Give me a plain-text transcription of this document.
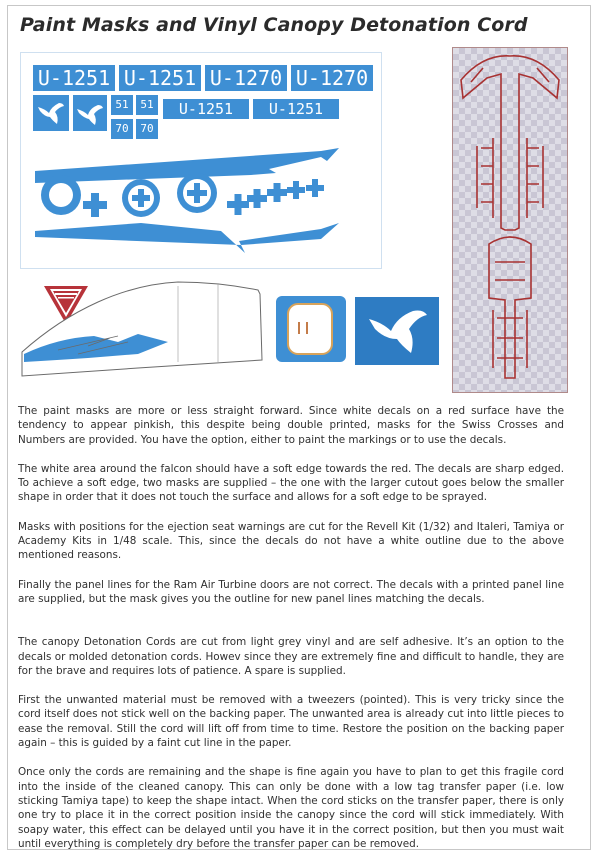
Paint Masks and Vinyl Canopy Detonation Cord
U-1251 U-1251 U-1270 U-1270
51	51
70	70
U-1251	U-1251

The paint masks are more or less straight forward. Since white decals on a red surface have the tendency to appear pinkish, this despite being double printed, masks for the Swiss Crosses and Numbers are provided. You have the option, either to paint the markings or to use the decals.

The white area around the falcon should have a soft edge towards the red. The decals are sharp edged. To achieve a soft edge, two masks are supplied – the one with the larger cutout goes below the smaller shape in order that it does not touch the surface and allows for a soft edge to be sprayed.

Masks with positions for the ejection seat warnings are cut for the Revell Kit (1/32) and Italeri, Tamiya or Academy Kits in 1/48 scale. This, since the decals do not have a white outline due to the above mentioned reasons.

Finally the panel lines for the Ram Air Turbine doors are not correct. The decals with a printed panel line are supplied, but the mask gives you the outline for new panel lines matching the decals.

The canopy Detonation Cords are cut from light grey vinyl and are self adhesive. It’s an option to the decals or molded detonation cords. Howev since they are extremely fine and difficult to handle, they are for the brave and requires lots of patience. A spare is supplied.

First the unwanted material must be removed with a tweezers (pointed). This is very tricky since the cord itself does not stick well on the backing paper. The unwanted area is already cut into little pieces to ease the removal. Still the cord will lift off from time to time. Restore the position on the backing paper again – this is guided by a faint cut line in the paper.

Once only the cords are remaining and the shape is fine again you have to plan to get this fragile cord into the inside of the cleaned canopy. This can only be done with a low tag transfer paper (i.e. low sticking Tamiya tape) to keep the shape intact. When the cord sticks on the transfer paper, there is only one try to place it in the correct position inside the canopy since the cord will stick immediately. With soapy water, this effect can be delayed until you have it in the correct position, but then you must wait until everything is completely dry before the transfer paper can be removed.
